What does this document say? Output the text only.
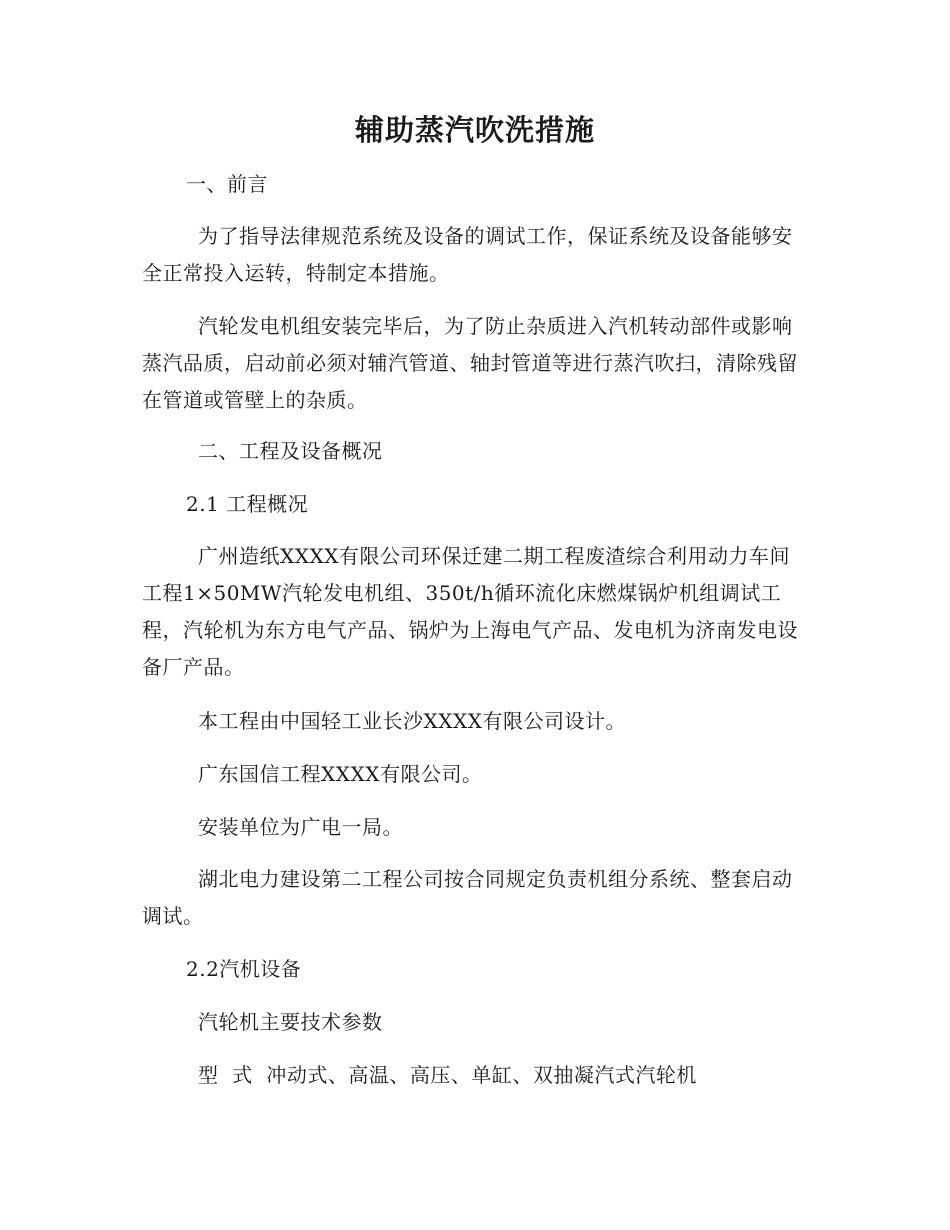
辅助蒸汽吹洗措施
一、前言

为了指导法律规范系统及设备的调试工作，保证系统及设备能够安全正常投入运转，特制定本措施。

汽轮发电机组安装完毕后，为了防止杂质进入汽机转动部件或影响蒸汽品质，启动前必须对辅汽管道、轴封管道等进行蒸汽吹扫，清除残留在管道或管壁上的杂质。

二、工程及设备概况
2.1 工程概况

广州造纸XXXX有限公司环保迁建二期工程废渣综合利用动力车间工程1×50MW汽轮发电机组、350t/h循环流化床燃煤锅炉机组调试工程，汽轮机为东方电气产品、锅炉为上海电气产品、发电机为济南发电设备厂产品。

本工程由中国轻工业长沙XXXX有限公司设计。

广东国信工程XXXX有限公司。

安装单位为广电一局。

湖北电力建设第二工程公司按合同规定负责机组分系统、整套启动调试。

2.2汽机设备

汽轮机主要技术参数

型  式  冲动式、高温、高压、单缸、双抽凝汽式汽轮机
